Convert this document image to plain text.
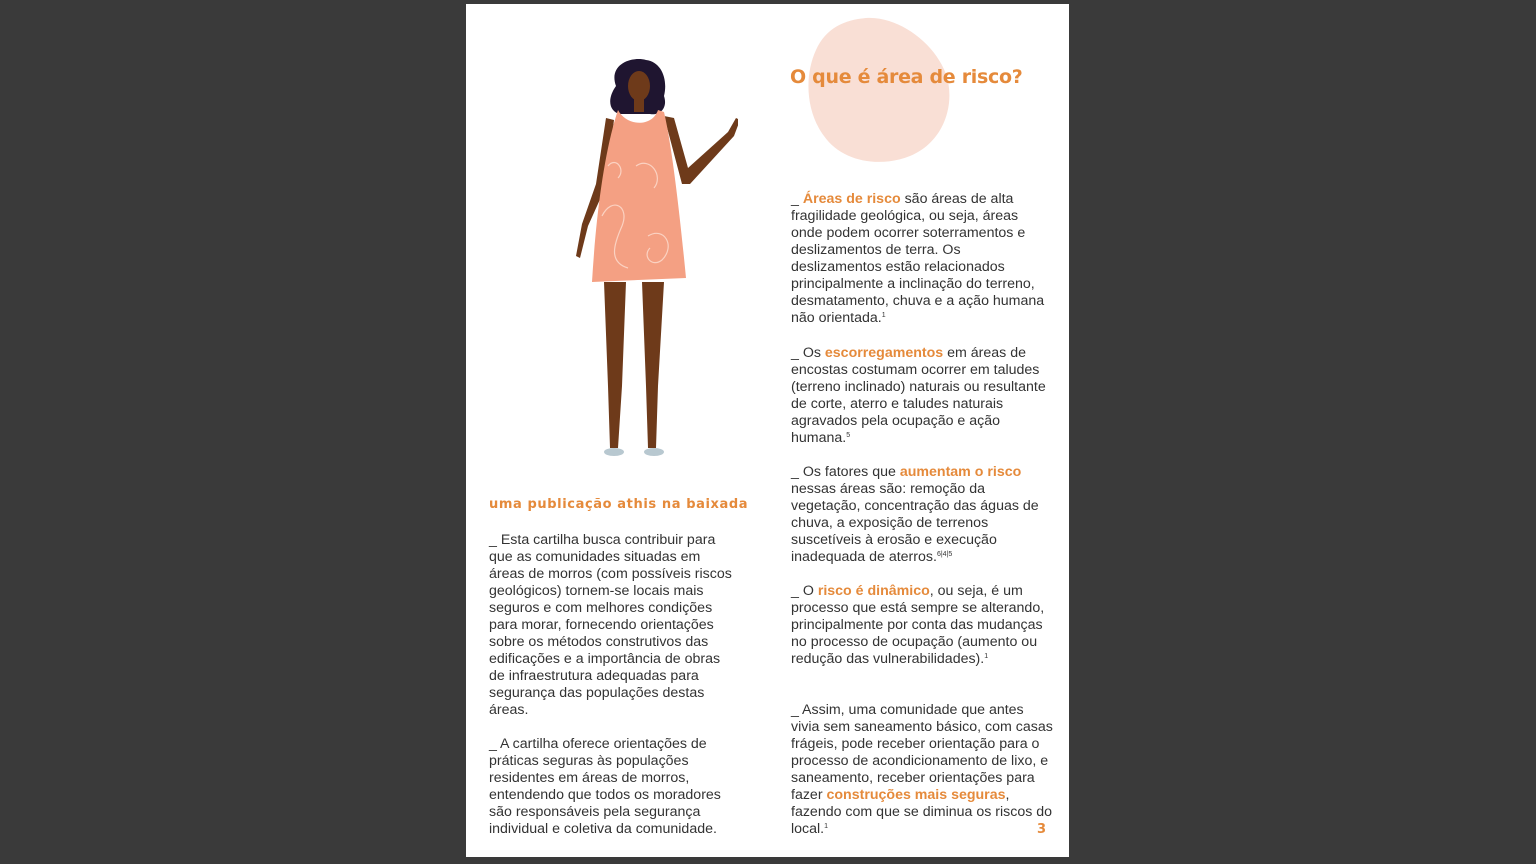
O que é área de risco?
uma publicação athis na baixada

_ Esta cartilha busca contribuir para que as comunidades situadas em áreas de morros (com possíveis riscos geológicos) tornem-se locais mais seguros e com melhores condições para morar, fornecendo orientações sobre os métodos construtivos das edificações e a importância de obras de infraestrutura adequadas para segurança das populações destas áreas.

_ A cartilha oferece orientações de práticas seguras às populações residentes em áreas de morros, entendendo que todos os moradores são responsáveis pela segurança individual e coletiva da comunidade.

_ Áreas de risco são áreas de alta fragilidade geológica, ou seja, áreas onde podem ocorrer soterramentos e deslizamentos de terra. Os deslizamentos estão relacionados principalmente a inclinação do terreno, desmatamento, chuva e a ação humana não orientada.$^1$

_ Os escorregamentos em áreas de encostas costumam ocorrer em taludes (terreno inclinado) naturais ou resultante de corte, aterro e taludes naturais agravados pela ocupação e ação humana.$^5$

_ Os fatores que aumentam o risco nessas áreas são: remoção da vegetação, concentração das águas de chuva, a exposição de terrenos suscetíveis à erosão e execução inadequada de aterros.$^{6|4|5}$

_ O risco é dinâmico, ou seja, é um processo que está sempre se alterando, principalmente por conta das mudanças no processo de ocupação (aumento ou redução das vulnerabilidades).$^1$

_ Assim, uma comunidade que antes vivia sem saneamento básico, com casas frágeis, pode receber orientação para o processo de acondicionamento de lixo, e saneamento, receber orientações para fazer construções mais seguras, fazendo com que se diminua os riscos do local.$^1$	3
